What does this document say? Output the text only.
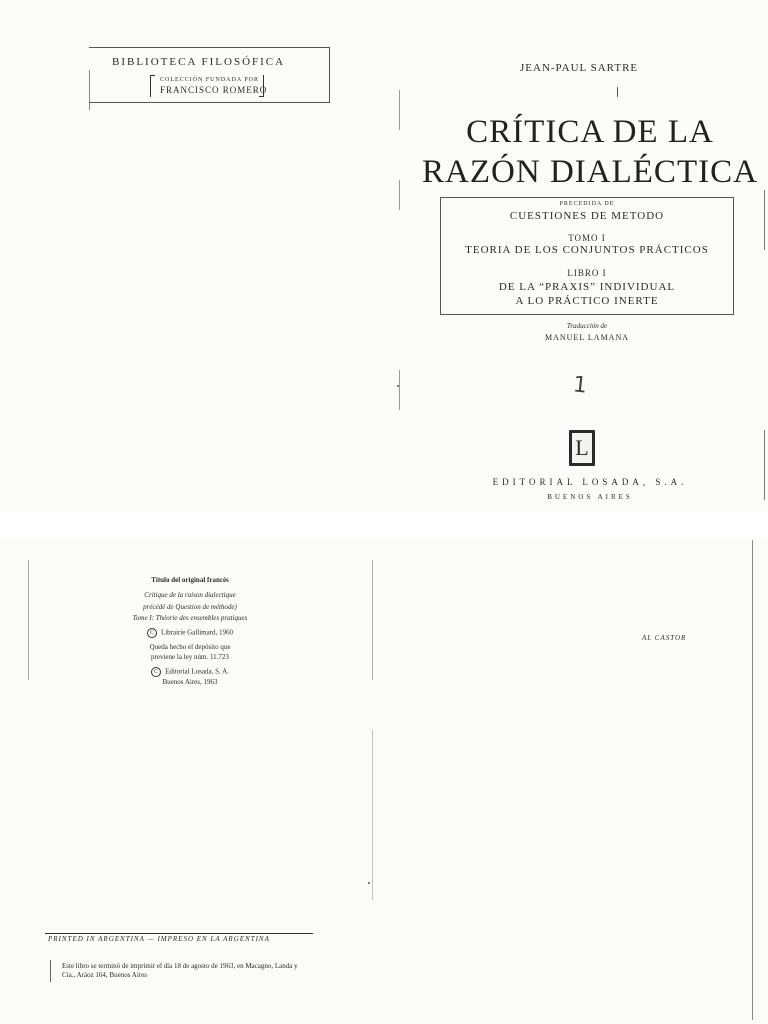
BIBLIOTECA FILOSÓFICA
COLECCIÓN FUNDADA POR
FRANCISCO ROMERO
JEAN-PAUL SARTRE
CRÍTICA DE LA
RAZÓN DIALÉCTICA
PRECEDIDA DE
CUESTIONES DE METODO
TOMO I
TEORIA DE LOS CONJUNTOS PRÁCTICOS
LIBRO I
DE LA “PRAXIS” INDIVIDUAL
A LO PRÁCTICO INERTE
Traducción de
MANUEL LAMANA
1
L
EDITORIAL LOSADA, S.A.
BUENOS AIRES
Título del original francés
Critique de la raison dialectique
précédé de Question de méthode)
Tome I: Théorie des ensembles pratiques
C Librairie Gallimard, 1960
Queda hecho el depósito que
previene la ley núm. 11.723
C Editorial Losada, S. A.
Buenos Aires, 1963
PRINTED IN ARGENTINA — IMPRESO EN LA ARGENTINA
Este libro se terminó de imprimir el día 18 de agosto de 1963, en Macagno, Landa y Cía., Aráoz 164, Buenos Aires
AL CASTOR
